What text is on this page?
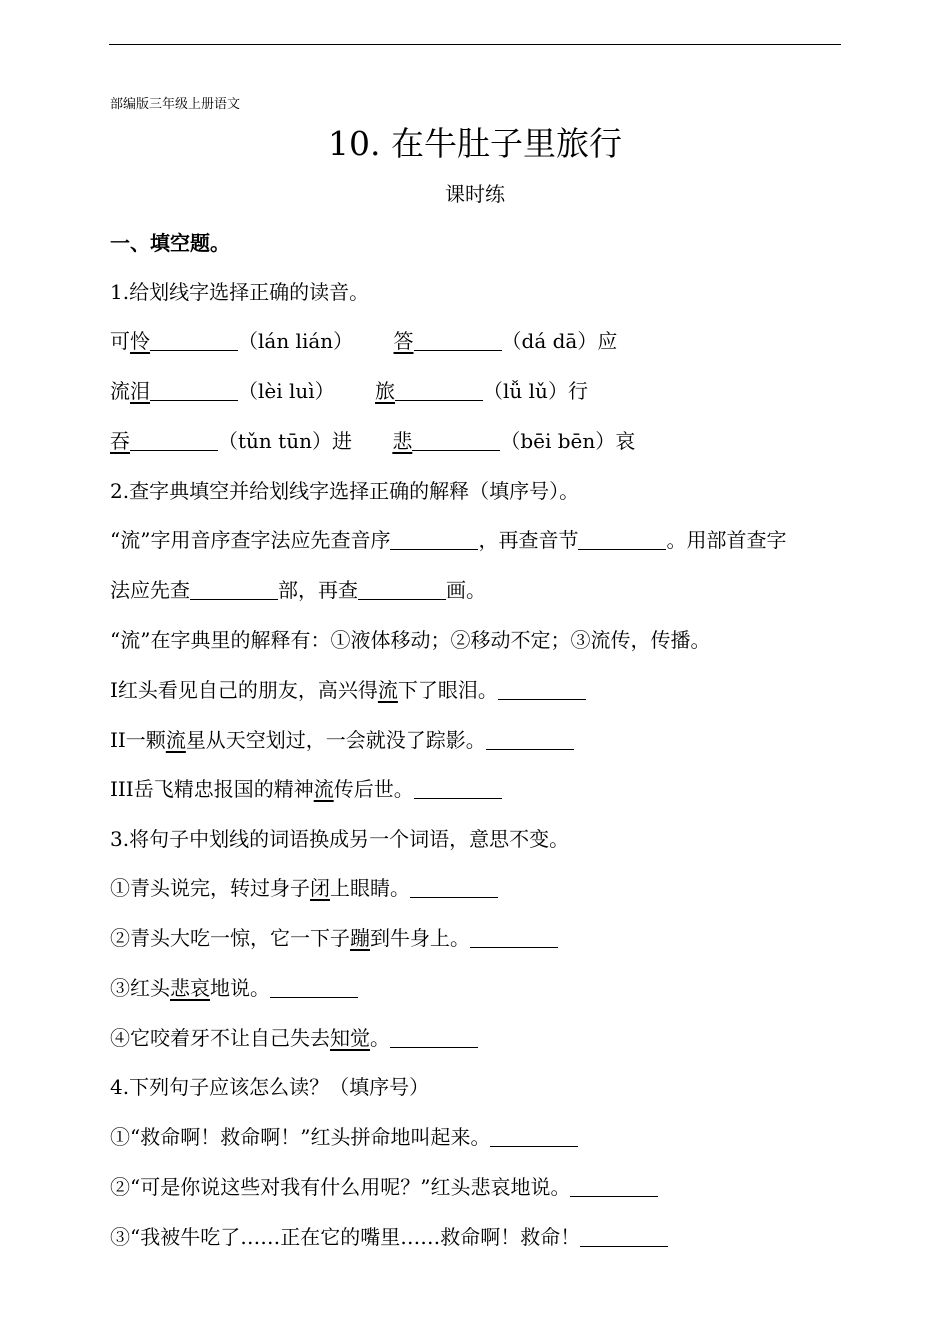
部编版三年级上册语文
10. 在牛肚子里旅行
课时练
一、填空题。
1.给划线字选择正确的读音。
可怜	（lán lián） 答	（dá dā）应
流泪	（lèi luì） 旅	（lǚ lǔ）行
吞	（tǔn tūn）进 悲	（bēi bēn）哀
2.查字典填空并给划线字选择正确的解释（填序号）。
“流”字用音序查字法应先查音序	，再查音节	。用部首查字
法应先查	部，再查	画。
“流”在字典里的解释有：①液体移动；②移动不定；③流传，传播。
I红头看见自己的朋友，高兴得流下了眼泪。
II一颗流星从天空划过，一会就没了踪影。
III岳飞精忠报国的精神流传后世。
3.将句子中划线的词语换成另一个词语，意思不变。
①青头说完，转过身子闭上眼睛。
②青头大吃一惊，它一下子蹦到牛身上。
③红头悲哀地说。
④它咬着牙不让自己失去知觉。
4.下列句子应该怎么读？（填序号）
①“救命啊！救命啊！”红头拼命地叫起来。
②“可是你说这些对我有什么用呢？”红头悲哀地说。
③“我被牛吃了……正在它的嘴里……救命啊！救命！
